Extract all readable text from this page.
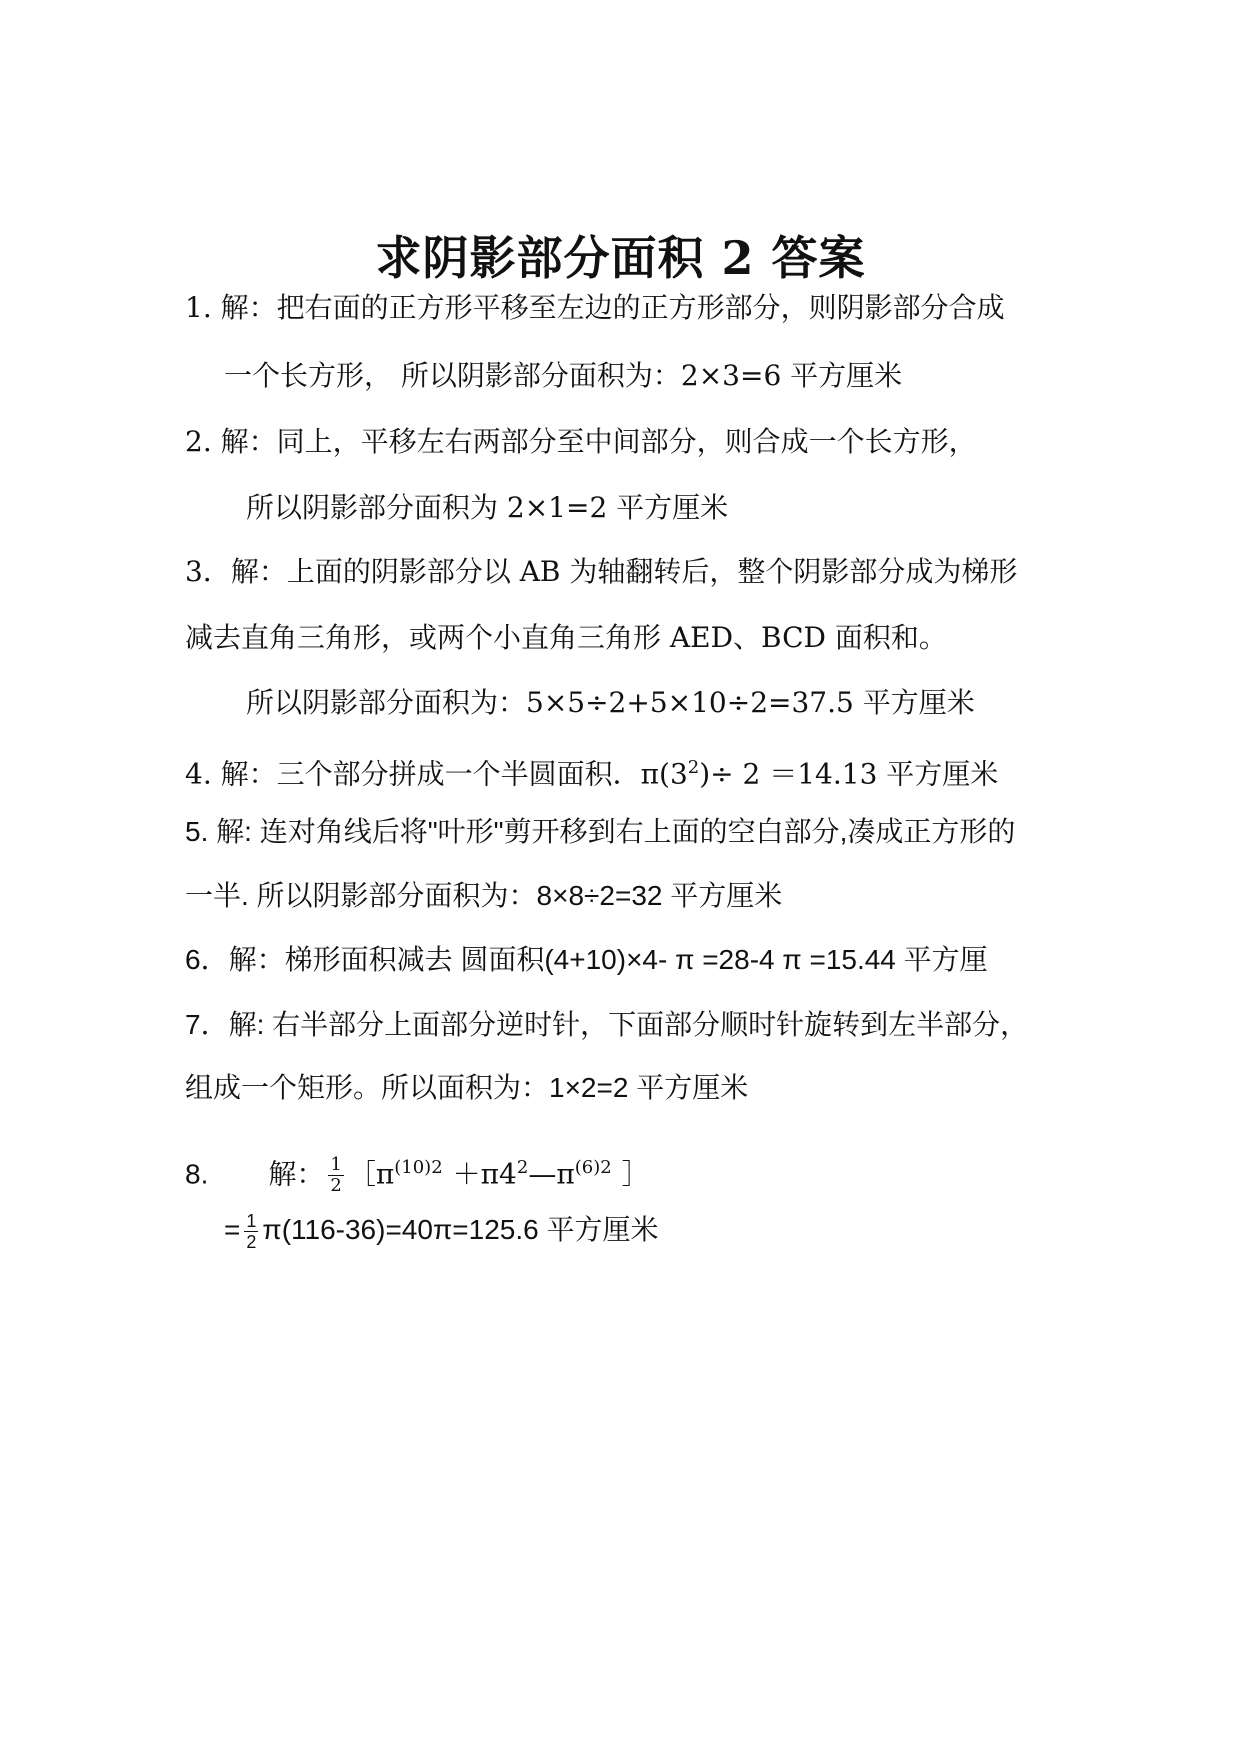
求阴影部分面积 2 答案
1. 解：把右面的正方形平移至左边的正方形部分，则阴影部分合成
一个长方形， 所以阴影部分面积为：2×3=6 平方厘米
2. 解：同上，平移左右两部分至中间部分，则合成一个长方形，
所以阴影部分面积为 2×1=2 平方厘米
3．解：上面的阴影部分以 AB 为轴翻转后，整个阴影部分成为梯形
减去直角三角形，或两个小直角三角形 AED、BCD 面积和。
所以阴影部分面积为：5×5÷2+5×10÷2=37.5 平方厘米
4. 解：三个部分拼成一个半圆面积．$\pi(3^2)\div 2 =14.13$ 平方厘米
5. 解: 连对角线后将"叶形"剪开移到右上面的空白部分,凑成正方形的
一半. 所以阴影部分面积为：8×8÷2=32 平方厘米
6．解：梯形面积减去 圆面积(4+10)×4- π =28-4 π =15.44 平方厘
7．解: 右半部分上面部分逆时针，下面部分顺时针旋转到左半部分，
组成一个矩形。所以面积为：1×2=2 平方厘米
8. 解： $\frac{1}{2}$ $[\pi^{(10)2}$ $+\pi 4^2—\pi^{(6)2}$ ］
= $\frac{1}{2} \pi(116-36)=40\pi=125.6$ 平方厘米
